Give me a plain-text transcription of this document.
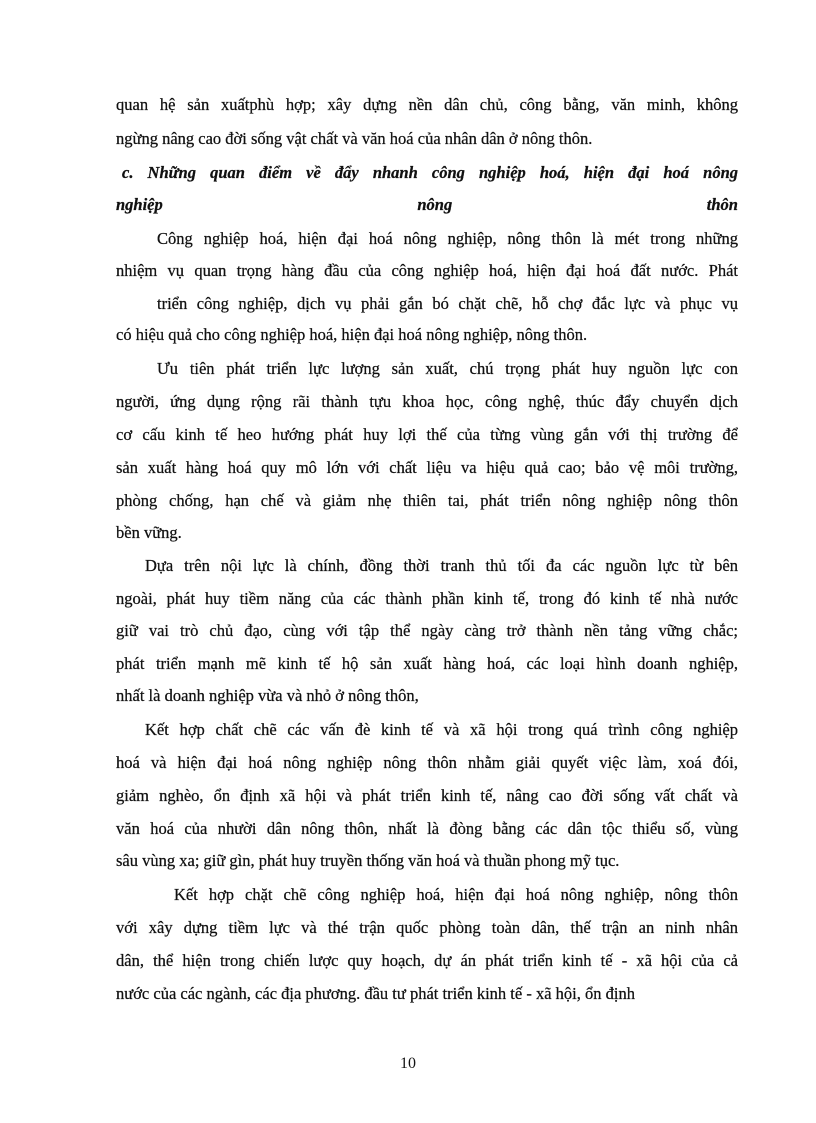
quan hệ sản xuấtphù hợp; xây dựng nền dân chủ, công bằng, văn minh, không
ngừng nâng cao đời sống vật chất và văn hoá của nhân dân ở nông thôn.
c. Những quan điểm về đẩy nhanh công nghiệp hoá, hiện đại hoá nông
nghiệp nông thôn
Công nghiệp hoá, hiện đại hoá nông nghiệp, nông thôn là mét trong những
nhiệm vụ quan trọng hàng đầu của công nghiệp hoá, hiện đại hoá đất nước. Phát
triển công nghiệp, dịch vụ phải gắn bó chặt chẽ, hỗ chợ đắc lực và phục vụ
có hiệu quả cho công nghiệp hoá, hiện đại hoá nông nghiệp, nông thôn.
Ưu tiên phát triển lực lượng sản xuất, chú trọng phát huy nguồn lực con
người, ứng dụng rộng rãi thành tựu khoa học, công nghệ, thúc đẩy chuyển dịch
cơ cấu kinh tế heo hướng phát huy lợi thế của từng vùng gắn với thị trường để
sản xuất hàng hoá quy mô lớn với chất liệu va hiệu quả cao; bảo vệ môi trường,
phòng chống, hạn chế và giảm nhẹ thiên tai, phát triển nông nghiệp nông thôn
bền vững.
Dựa trên nội lực là chính, đồng thời tranh thủ tối đa các nguồn lực từ bên
ngoài, phát huy tiềm năng của các thành phần kinh tế, trong đó kinh tế nhà nước
giữ vai trò chủ đạo, cùng với tập thể ngày càng trở thành nền tảng vững chắc;
phát triển mạnh mẽ kinh tế hộ sản xuất hàng hoá, các loại hình doanh nghiệp,
nhất là doanh nghiệp vừa và nhỏ ở nông thôn,
Kết hợp chất chẽ các vấn đè kinh tế và xã hội trong quá trình công nghiệp
hoá và hiện đại hoá nông nghiệp nông thôn nhằm giải quyết việc làm, xoá đói,
giảm nghèo, ổn định xã hội và phát triển kinh tế, nâng cao đời sống vất chất và
văn hoá của nhười dân nông thôn, nhất là đòng bằng các dân tộc thiểu số, vùng
sâu vùng xa; giữ gìn, phát huy truyền thống văn hoá và thuần phong mỹ tục.
Kết hợp chặt chẽ công nghiệp hoá, hiện đại hoá nông nghiệp, nông thôn
với xây dựng tiềm lực và thé trận quốc phòng toàn dân, thế trận an ninh nhân
dân, thể hiện trong chiến lược quy hoạch, dự án phát triển kinh tế - xã hội của cả
nước của các ngành, các địa phương. đầu tư phát triển kinh tế - xã hội, ổn định
10
